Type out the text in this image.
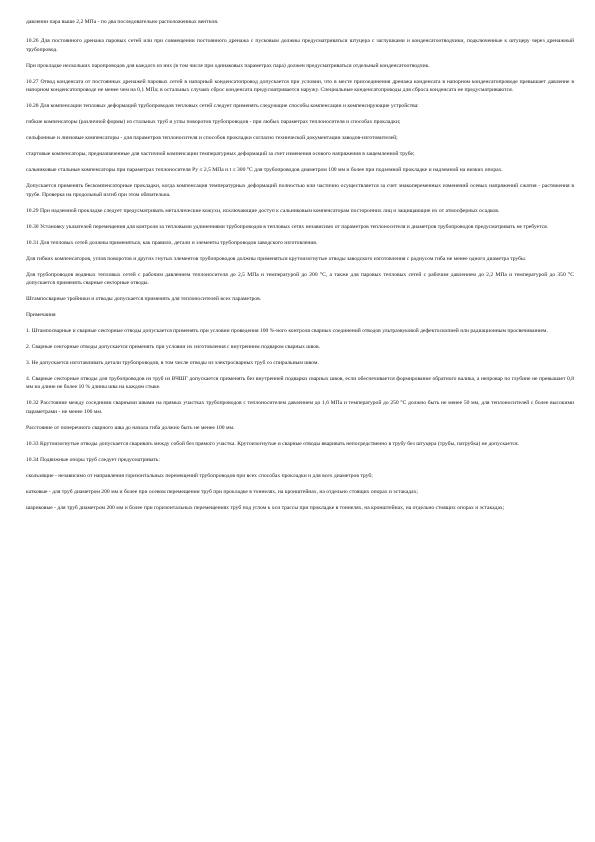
давлении пара выше 2,2 МПа - по два последовательно расположенных вентиля.

10.26 Для постоянного дренажа паровых сетей или при совмещении постоянного дренажа с пусковым должны предусматриваться штуцера с заглушками и конденсатоотводчики, подключенные к штуцеру через дренажный трубопровод.

При прокладке нескольких паропроводов для каждого из них (в том числе при одинаковых параметрах пара) должен предусматриваться отдельный конденсатоотводчик.

10.27 Отвод конденсата от постоянных дренажей паровых сетей в напорный конденсатопровод допускается при условии, что в месте присоединения дренажа конденсата в напорном конденсатопроводе превышает давление в напорном конденсатопроводе не менее чем на 0,1 МПа; в остальных случаях сброс конденсата предусматривается наружу. Специальные конденсатопроводы для сброса конденсата не предусматриваются.

10.28 Для компенсации тепловых деформаций трубопроводов тепловых сетей следует применять следующие способы компенсации и компенсирующие устройства:

гибкие компенсаторы (различной формы) из стальных труб и углы поворотов трубопроводов - при любых параметрах теплоносителя и способах прокладки;

сильфонные и линзовые компенсаторы - для параметров теплоносителя и способов прокладки согласно технической документации заводов-изготовителей;

стартовые компенсаторы, предназначенные для частичной компенсации температурных деформаций за счет изменения осевого напряжения в защемленной трубе;

сальниковые стальные компенсаторы при параметрах теплоносителя Py ≤ 2,5 МПа и t ≤ 300 °С для трубопроводов диаметром 100 мм и более при подземной прокладке и надземной на низких опорах.

Допускается применять бескомпенсаторные прокладки, когда компенсация температурных деформаций полностью или частично осуществляется за счет знакопеременных изменений осевых напряжений сжатия - растяжения в трубе. Проверка на продольный изгиб при этом обязательна.

10.29 При надземной прокладке следует предусматривать металлические кожухи, исключающие доступ к сальниковым компенсаторам посторонних лиц и защищающие их от атмосферных осадков.

10.30 Установку указателей перемещения для контроля за тепловыми удлинениями трубопроводов в тепловых сетях независимо от параметров теплоносителя и диаметров трубопроводов предусматривать не требуется.

10.31 Для тепловых сетей должны применяться, как правило, детали и элементы трубопроводов заводского изготовления.

Для гибких компенсаторов, углов поворотов и других гнутых элементов трубопроводов должны применяться крутоизогнутые отводы заводского изготовления с радиусом гиба не менее одного диаметра трубы.

Для трубопроводов водяных тепловых сетей с рабочим давлением теплоносителя до 2,5 МПа и температурой до 200 °С, а также для паровых тепловых сетей с рабочим давлением до 2,2 МПа и температурой до 350 °С допускается применять сварные секторные отводы.

Штампосварные тройники и отводы допускается применять для теплоносителей всех параметров.

Примечания

1. Штампосварные и сварные секторные отводы допускается применять при условии проведения 100 %-ного контроля сварных соединений отводов ультразвуковой дефектоскопией или радиационным просвечиванием.

2. Сварные секторные отводы допускается применять при условии их изготовления с внутренним подваром сварных швов.

3. Не допускается изготавливать детали трубопроводов, в том числе отводы из электросварных труб со спиральным швом.

4. Сварные секторные отводы для трубопроводов из труб из ВЧШГ допускается применять без внутренней подварки сварных швов, если обеспечивается формирование обратного валика, а непровар по глубине не превышает 0,8 мм на длине не более 10 % длины шва на каждом стыке.

10.32 Расстояние между соседними сварными швами на прямых участках трубопроводов с теплоносителем давлением до 1,6 МПа и температурой до 250 °С должно быть не менее 50 мм, для теплоносителей с более высокими параметрами - не менее 100 мм.

Расстояние от поперечного сварного шва до начала гиба должно быть не менее 100 мм.

10.33 Крутоизогнутые отводы допускается сваривать между собой без прямого участка. Крутоизогнутые и сварные отводы вваривать непосредственно в трубу без штуцера (трубы, патрубка) не допускается.

10.34 Подвижные опоры труб следует предусматривать:

скользящие - независимо от направления горизонтальных перемещений трубопроводов при всех способах прокладки и для всех диаметров труб;

катковые - для труб диаметром 200 мм и более при осевом перемещении труб при прокладке в тоннелях, на кронштейнах, на отдельно стоящих опорах и эстакадах;

шариковые - для труб диаметром 200 мм и более при горизонтальных перемещениях труб под углом к оси трассы при прокладке в тоннелях, на кронштейнах, на отдельно стоящих опорах и эстакадах;
